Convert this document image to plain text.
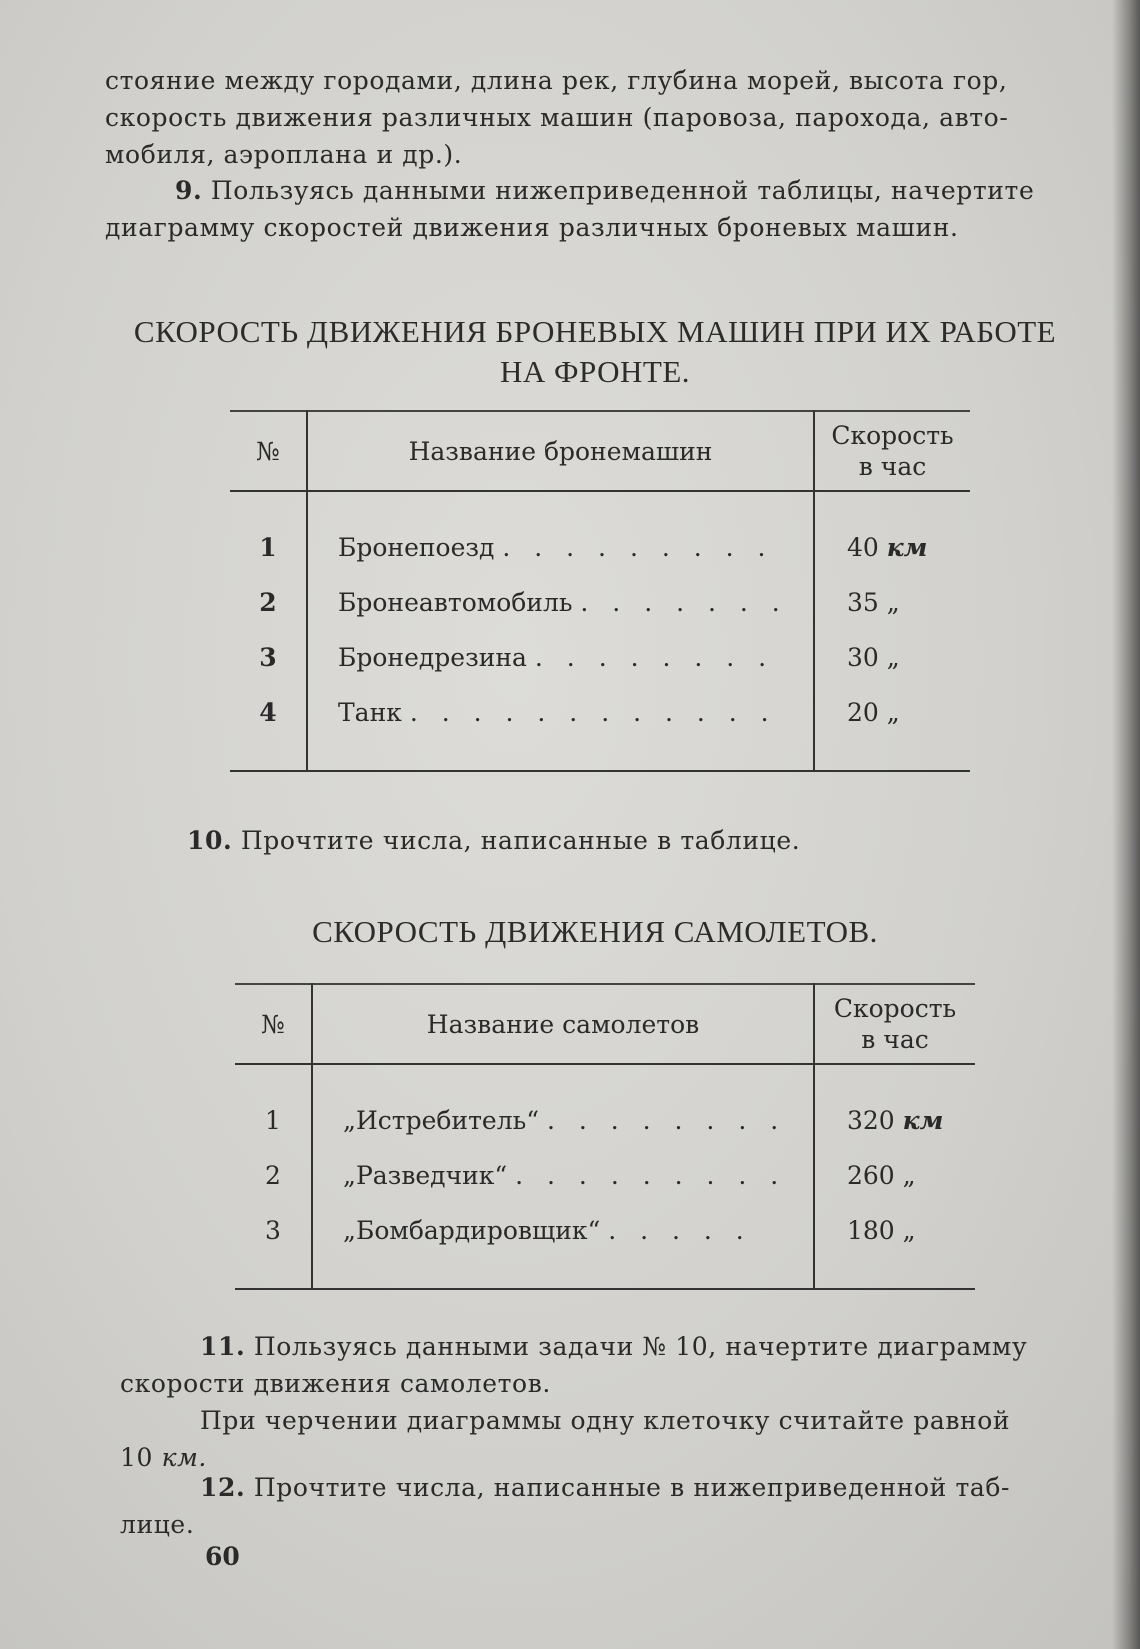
стояние между городами, длина рек, глубина морей, высота гор,
скорость движения различных машин (паровоза, парохода, авто-
мобиля, аэроплана и др.).

9. Пользуясь данными нижеприведенной таблицы, начертите
диаграмму скоростей движения различных броневых машин.

СКОРОСТЬ ДВИЖЕНИЯ БРОНЕВЫХ МАШИН ПРИ ИХ РАБОТЕ
НА ФРОНТЕ.
№	Название бронемашин	Скорость
в час

1	Бронепоезд . . . . . . . . .	40 км
2	Бронеавтомобиль . . . . . . .	35 „
3	Бронедрезина . . . . . . . .	30 „
4	Танк . . . . . . . . . . . .	20 „

10. Прочтите числа, написанные в таблице.

СКОРОСТЬ ДВИЖЕНИЯ САМОЛЕТОВ.
№	Название самолетов	Скорость
в час

1	„Истребитель“ . . . . . . . .	320 км
2	„Разведчик“ . . . . . . . . .	260 „
3	„Бомбардировщик“ . . . . .	180 „

11. Пользуясь данными задачи № 10, начертите диаграмму
скорости движения самолетов.
При черчении диаграммы одну клеточку считайте равной
10 км.

12. Прочтите числа, написанные в нижеприведенной таб-
лице.

60
